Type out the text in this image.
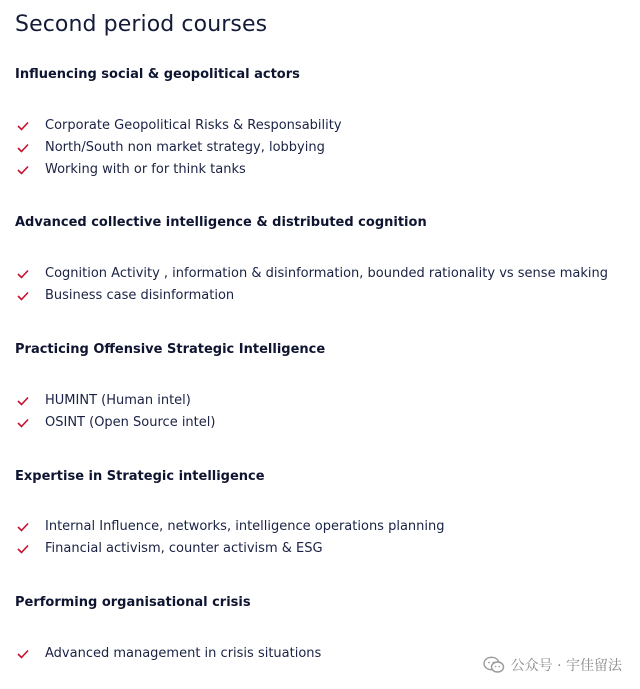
Second period courses
Influencing social & geopolitical actors
Corporate Geopolitical Risks & Responsability
North/South non market strategy, lobbying
Working with or for think tanks
Advanced collective intelligence & distributed cognition
Cognition Activity , information & disinformation, bounded rationality vs sense making
Business case disinformation
Practicing Offensive Strategic Intelligence
HUMINT (Human intel)
OSINT (Open Source intel)
Expertise in Strategic intelligence
Internal Influence, networks, intelligence operations planning
Financial activism, counter activism & ESG
Performing organisational crisis
Advanced management in crisis situations
公众号 · 宇佳留法
